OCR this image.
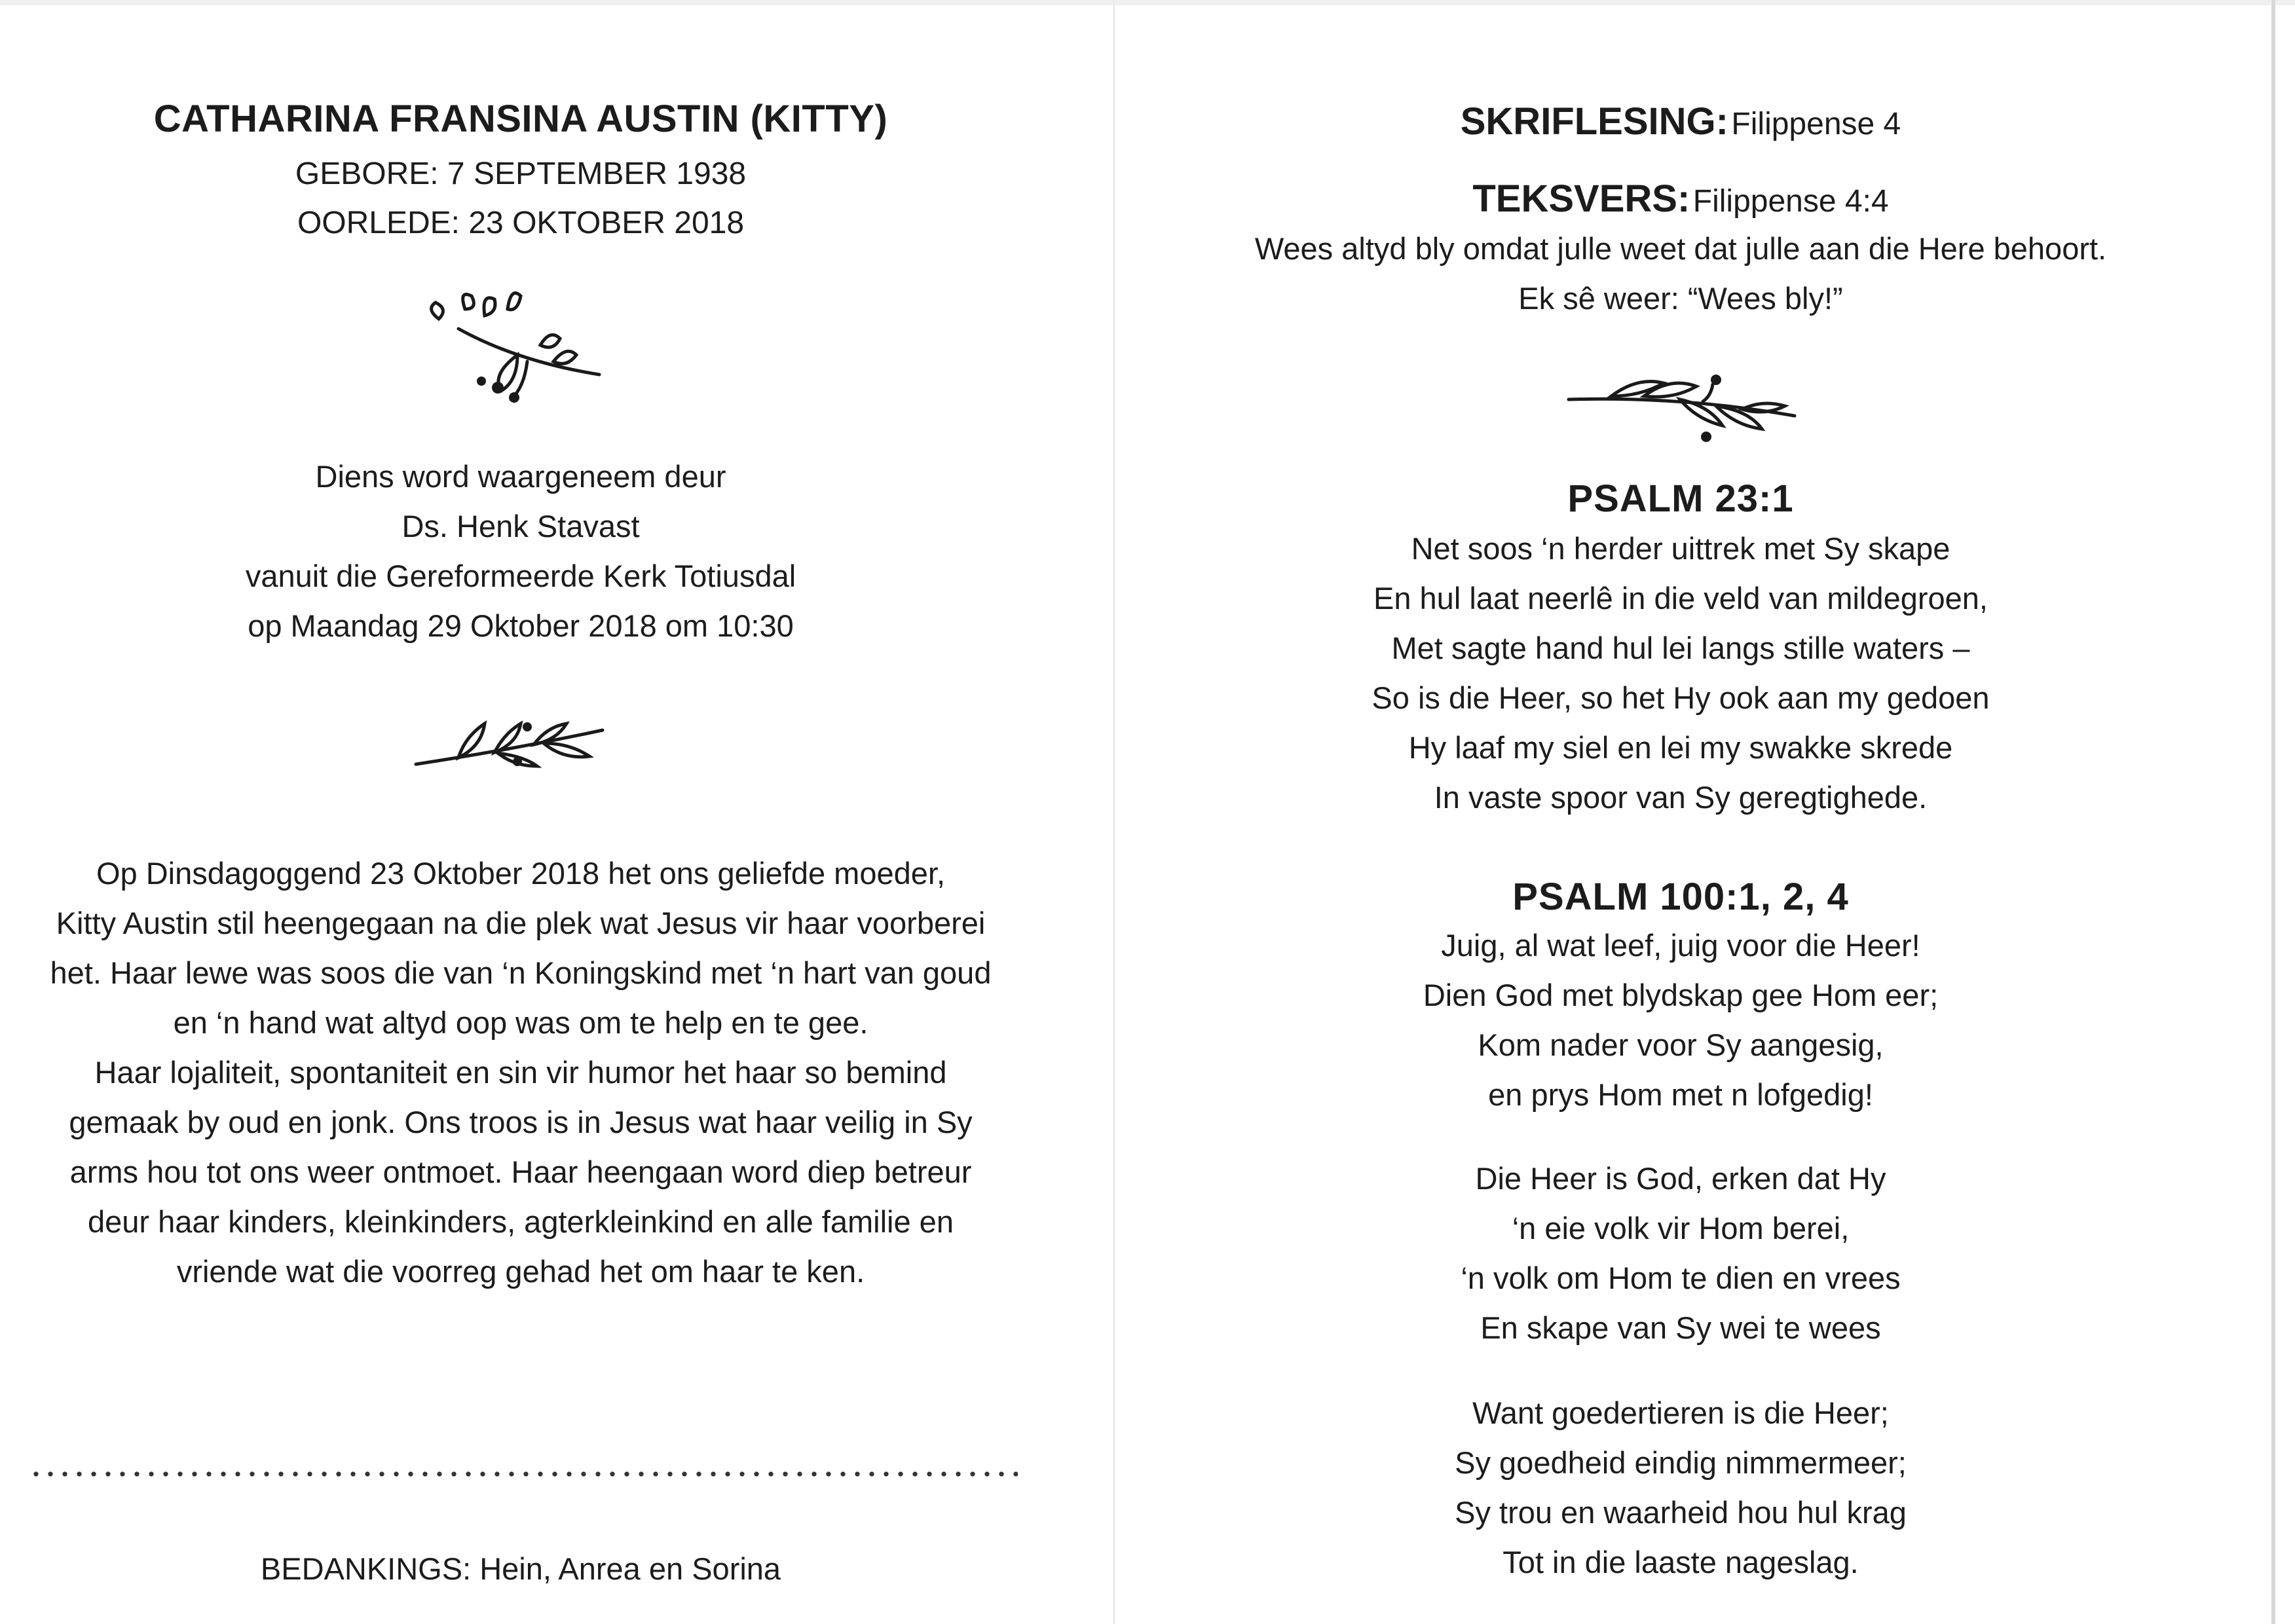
CATHARINA FRANSINA AUSTIN (KITTY)
GEBORE: 7 SEPTEMBER 1938
OORLEDE: 23 OKTOBER 2018
Diens word waargeneem deur
Ds. Henk Stavast
vanuit die Gereformeerde Kerk Totiusdal
op Maandag 29 Oktober 2018 om 10:30
Op Dinsdagoggend 23 Oktober 2018 het ons geliefde moeder,
Kitty Austin stil heengegaan na die plek wat Jesus vir haar voorberei
het. Haar lewe was soos die van ‘n Koningskind met ‘n hart van goud
en ‘n hand wat altyd oop was om te help en te gee.
Haar lojaliteit, spontaniteit en sin vir humor het haar so bemind
gemaak by oud en jonk. Ons troos is in Jesus wat haar veilig in Sy
arms hou tot ons weer ontmoet. Haar heengaan word diep betreur
deur haar kinders, kleinkinders, agterkleinkind en alle familie en
vriende wat die voorreg gehad het om haar te ken.
BEDANKINGS: Hein, Anrea en Sorina
SKRIFLESING: Filippense 4
TEKSVERS: Filippense 4:4
Wees altyd bly omdat julle weet dat julle aan die Here behoort.
Ek sê weer: “Wees bly!”
PSALM 23:1
Net soos ‘n herder uittrek met Sy skape
En hul laat neerlê in die veld van mildegroen,
Met sagte hand hul lei langs stille waters –
So is die Heer, so het Hy ook aan my gedoen
Hy laaf my siel en lei my swakke skrede
In vaste spoor van Sy geregtighede.
PSALM 100:1, 2, 4
Juig, al wat leef, juig voor die Heer!
Dien God met blydskap gee Hom eer;
Kom nader voor Sy aangesig,
en prys Hom met n lofgedig!
Die Heer is God, erken dat Hy
‘n eie volk vir Hom berei,
‘n volk om Hom te dien en vrees
En skape van Sy wei te wees
Want goedertieren is die Heer;
Sy goedheid eindig nimmermeer;
Sy trou en waarheid hou hul krag
Tot in die laaste nageslag.
